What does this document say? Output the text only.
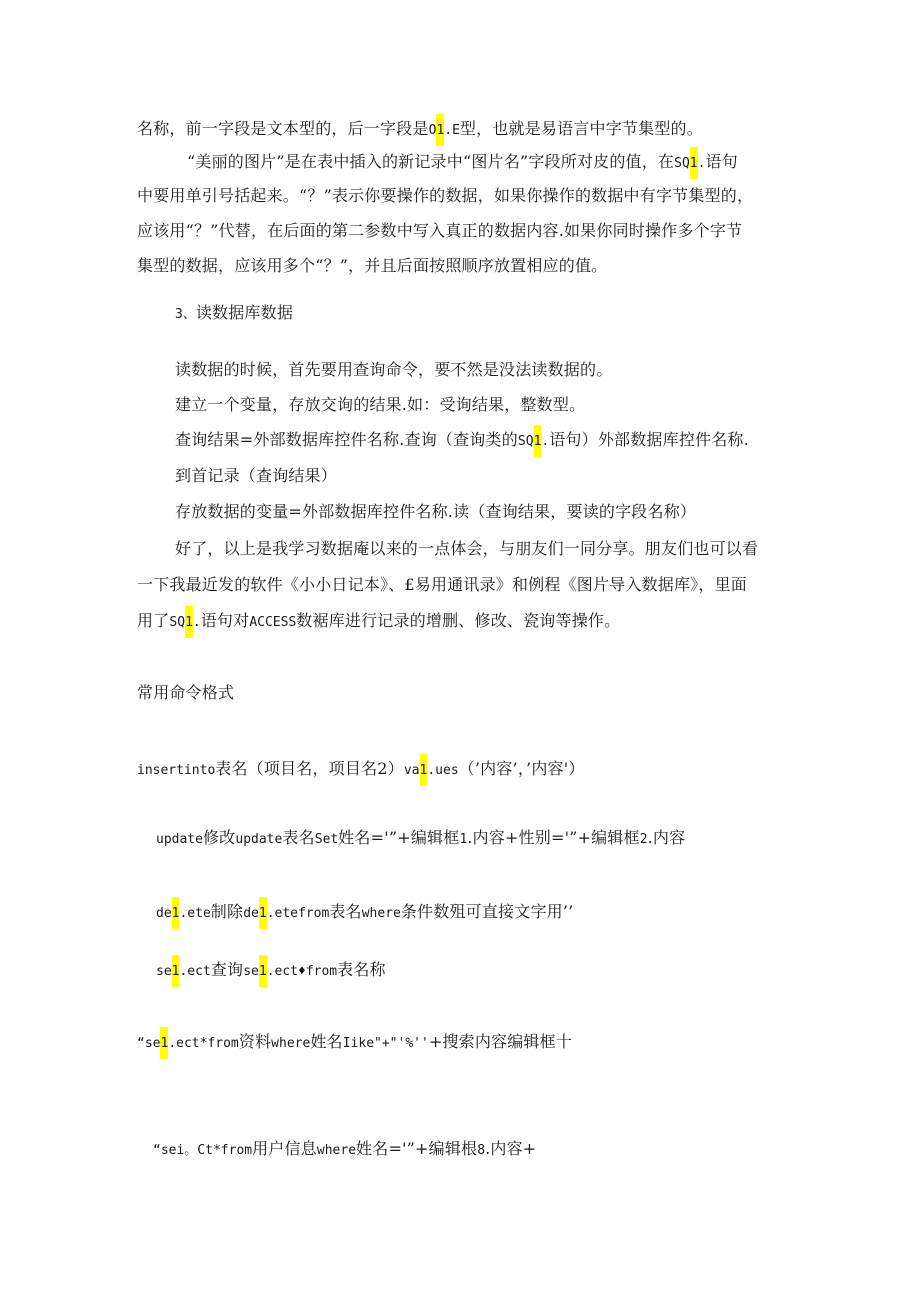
名称，前一字段是文本型的，后一字段是O1.E型，也就是易语言中字节集型的。
“美丽的图片”是在表中插入的新记录中“图片名”字段所对皮的值，在SQ1.语句
中要用单引号括起来。“？”表示你要操作的数据，如果你操作的数据中有字节集型的，
应该用“？”代替，在后面的第二参数中写入真正的数据内容.如果你同时操作多个字节
集型的数据，应该用多个“？”，并且后面按照顺序放置相应的值。
3、读数据库数据
读数据的时候，首先要用查询命令，要不然是没法读数据的。
建立一个变量，存放交询的结果.如：受询结果，整数型。
查询结果=外部数据库控件名称.查询（查询类的SQ1.语句）外部数据库控件名称.
到首记录（查询结果）
存放数据的变量=外部数据库控件名称.读（查询结果，要读的字段名称）
好了，以上是我学习数据庵以来的一点体会，与朋友们一同分享。朋友们也可以看
一下我最近发的软件《小小日记本》、£易用通讯录》和例程《图片导入数据库》，里面
用了SQ1.语句对ACCESS数裾库进行记录的增删、修改、瓷询等操作。
常用命令格式
insertinto表名（项目名，项目名2）va1.ues（’内容’，’内容'）
update修改update表名Set姓名='”+编辑框1.内容+性别='”+编辑框2.内容
de1.ete制除de1.etefrom表名where条件数殂可直接文字用’’
se1.ect查询se1.ect♦from表名称
“se1.ect*from资料where姓名Iike"+"'%''+搜索内容编辑框十
“sei。Ct*from用户信息where姓名='”+编辑根8.内容+
